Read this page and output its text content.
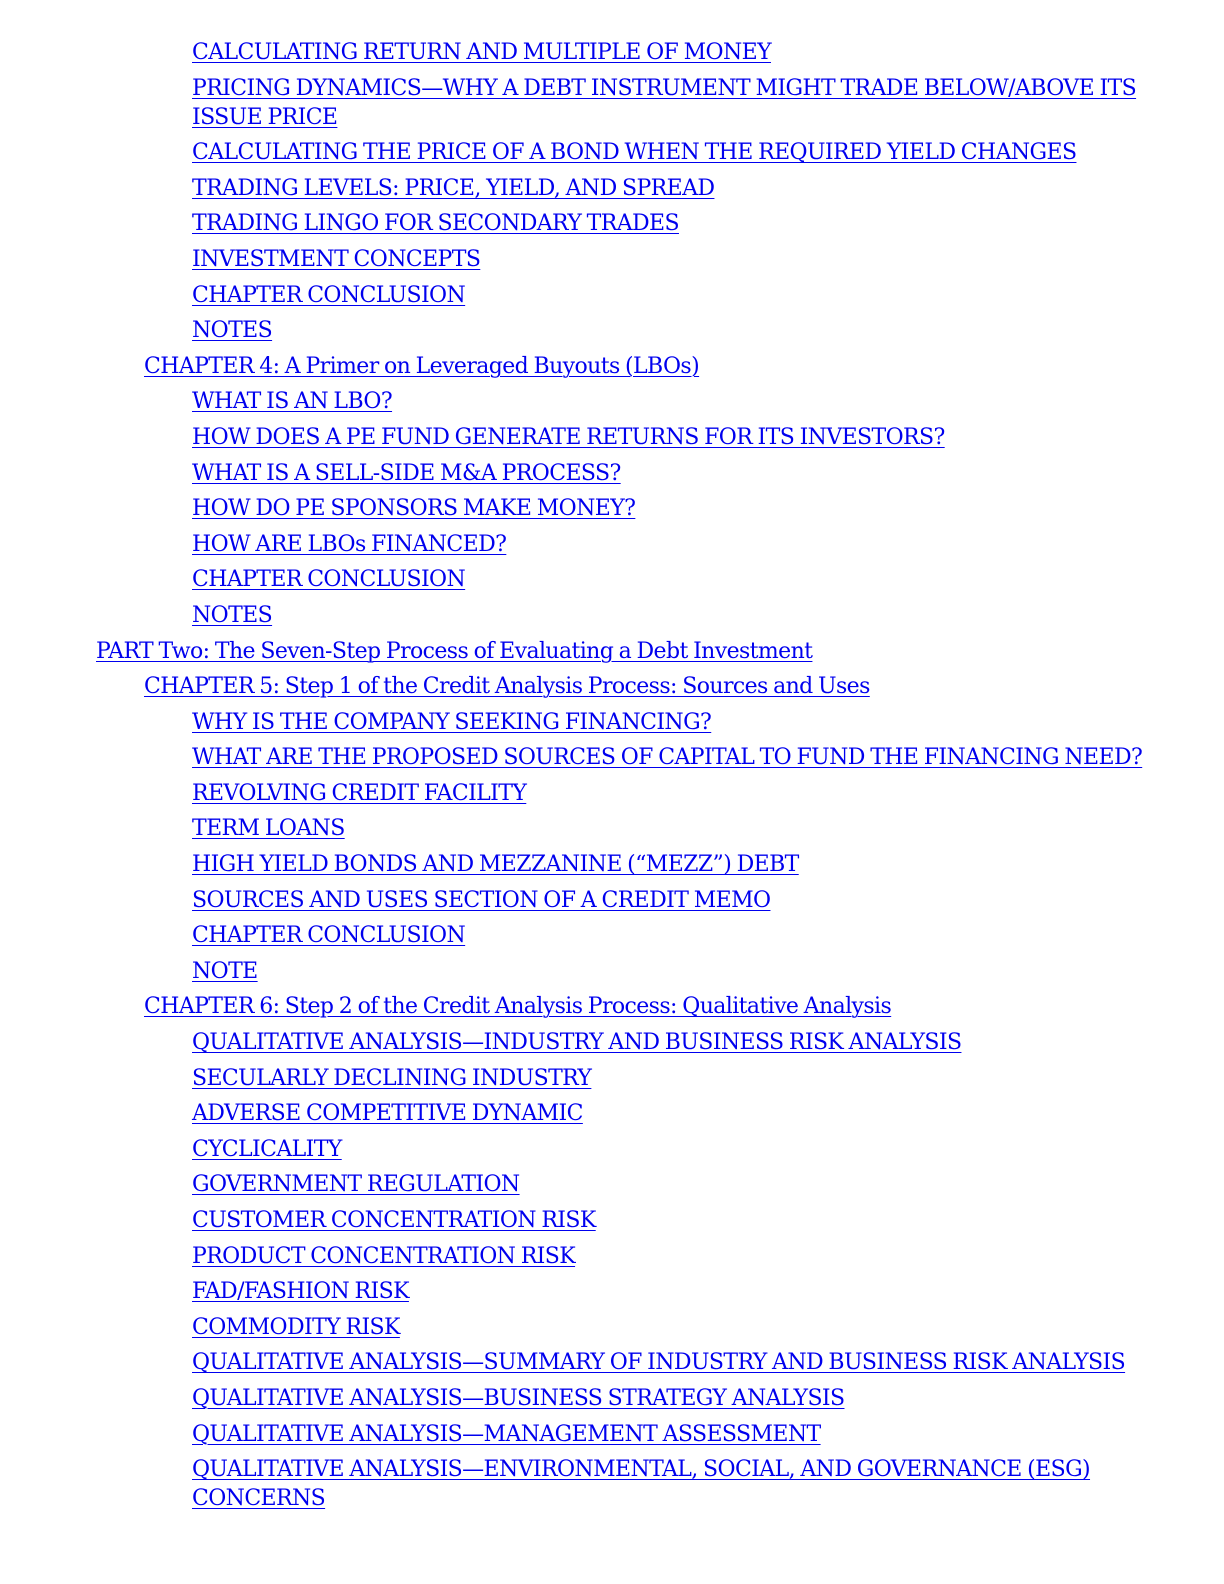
CALCULATING RETURN AND MULTIPLE OF MONEY
PRICING DYNAMICS—WHY A DEBT INSTRUMENT MIGHT TRADE BELOW/ABOVE ITS ISSUE PRICE
CALCULATING THE PRICE OF A BOND WHEN THE REQUIRED YIELD CHANGES
TRADING LEVELS: PRICE, YIELD, AND SPREAD
TRADING LINGO FOR SECONDARY TRADES
INVESTMENT CONCEPTS
CHAPTER CONCLUSION
NOTES
CHAPTER 4: A Primer on Leveraged Buyouts (LBOs)
WHAT IS AN LBO?
HOW DOES A PE FUND GENERATE RETURNS FOR ITS INVESTORS?
WHAT IS A SELL-SIDE M&A PROCESS?
HOW DO PE SPONSORS MAKE MONEY?
HOW ARE LBOs FINANCED?
CHAPTER CONCLUSION
NOTES
PART Two: The Seven-Step Process of Evaluating a Debt Investment
CHAPTER 5: Step 1 of the Credit Analysis Process: Sources and Uses
WHY IS THE COMPANY SEEKING FINANCING?
WHAT ARE THE PROPOSED SOURCES OF CAPITAL TO FUND THE FINANCING NEED?
REVOLVING CREDIT FACILITY
TERM LOANS
HIGH YIELD BONDS AND MEZZANINE (“MEZZ”) DEBT
SOURCES AND USES SECTION OF A CREDIT MEMO
CHAPTER CONCLUSION
NOTE
CHAPTER 6: Step 2 of the Credit Analysis Process: Qualitative Analysis
QUALITATIVE ANALYSIS—INDUSTRY AND BUSINESS RISK ANALYSIS
SECULARLY DECLINING INDUSTRY
ADVERSE COMPETITIVE DYNAMIC
CYCLICALITY
GOVERNMENT REGULATION
CUSTOMER CONCENTRATION RISK
PRODUCT CONCENTRATION RISK
FAD/FASHION RISK
COMMODITY RISK
QUALITATIVE ANALYSIS—SUMMARY OF INDUSTRY AND BUSINESS RISK ANALYSIS
QUALITATIVE ANALYSIS—BUSINESS STRATEGY ANALYSIS
QUALITATIVE ANALYSIS—MANAGEMENT ASSESSMENT
QUALITATIVE ANALYSIS—ENVIRONMENTAL, SOCIAL, AND GOVERNANCE (ESG) CONCERNS
